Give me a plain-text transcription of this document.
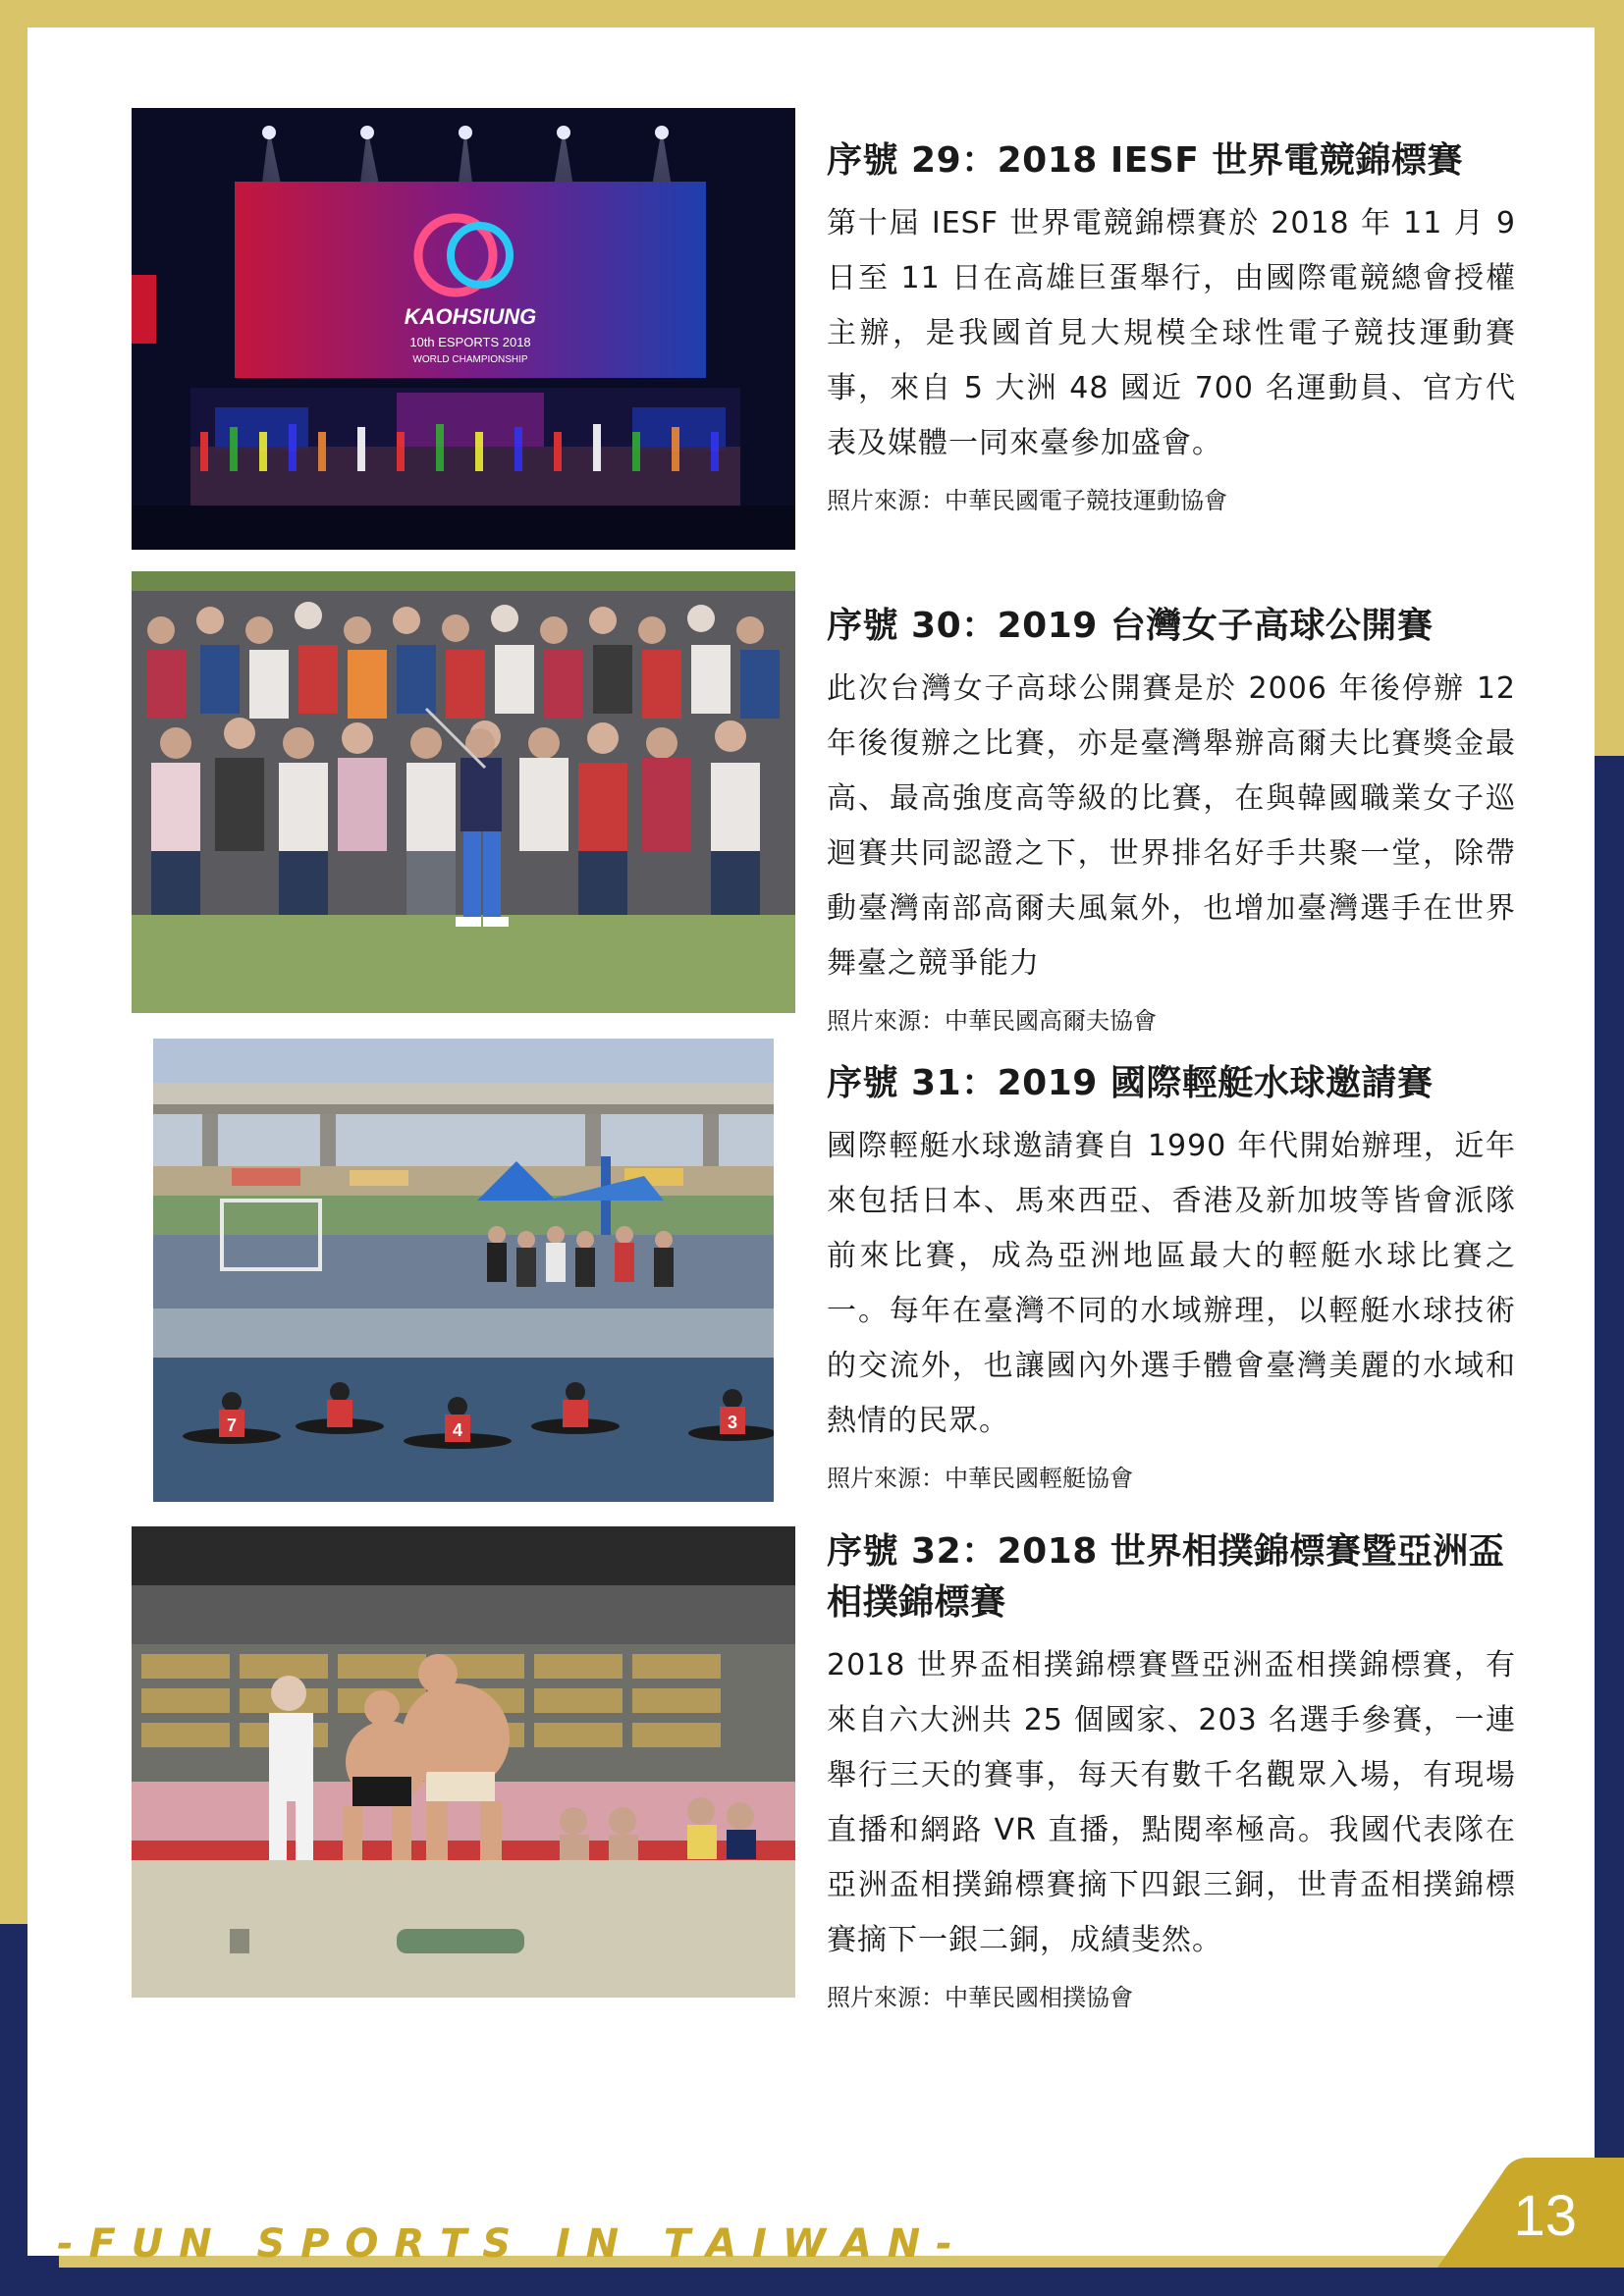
KAOHSIUNG
10th ESPORTS 2018
WORLD CHAMPIONSHIP
序號 29：2018 IESF 世界電競錦標賽

第十屆 IESF 世界電競錦標賽於 2018 年 11 月 9 日至 11 日在高雄巨蛋舉行，由國際電競總會授權主辦，是我國首見大規模全球性電子競技運動賽事，來自 5 大洲 48 國近 700 名運動員、官方代表及媒體一同來臺參加盛會。

照片來源：中華民國電子競技運動協會
序號 30：2019 台灣女子高球公開賽

此次台灣女子高球公開賽是於 2006 年後停辦 12 年後復辦之比賽，亦是臺灣舉辦高爾夫比賽獎金最高、最高強度高等級的比賽，在與韓國職業女子巡迴賽共同認證之下，世界排名好手共聚一堂，除帶動臺灣南部高爾夫風氣外，也增加臺灣選手在世界舞臺之競爭能力

照片來源：中華民國高爾夫協會
7	4	3
序號 31：2019 國際輕艇水球邀請賽

國際輕艇水球邀請賽自 1990 年代開始辦理，近年來包括日本、馬來西亞、香港及新加坡等皆會派隊前來比賽，成為亞洲地區最大的輕艇水球比賽之一。每年在臺灣不同的水域辦理，以輕艇水球技術的交流外，也讓國內外選手體會臺灣美麗的水域和熱情的民眾。

照片來源：中華民國輕艇協會
序號 32：2018 世界相撲錦標賽暨亞洲盃相撲錦標賽

2018 世界盃相撲錦標賽暨亞洲盃相撲錦標賽，有來自六大洲共 25 個國家、203 名選手參賽，一連舉行三天的賽事，每天有數千名觀眾入場，有現場直播和網路 VR 直播，點閱率極高。我國代表隊在亞洲盃相撲錦標賽摘下四銀三銅，世青盃相撲錦標賽摘下一銀二銅，成績斐然。

照片來源：中華民國相撲協會
- F U N   S P O R T S   I N   T A I W A N -	13
